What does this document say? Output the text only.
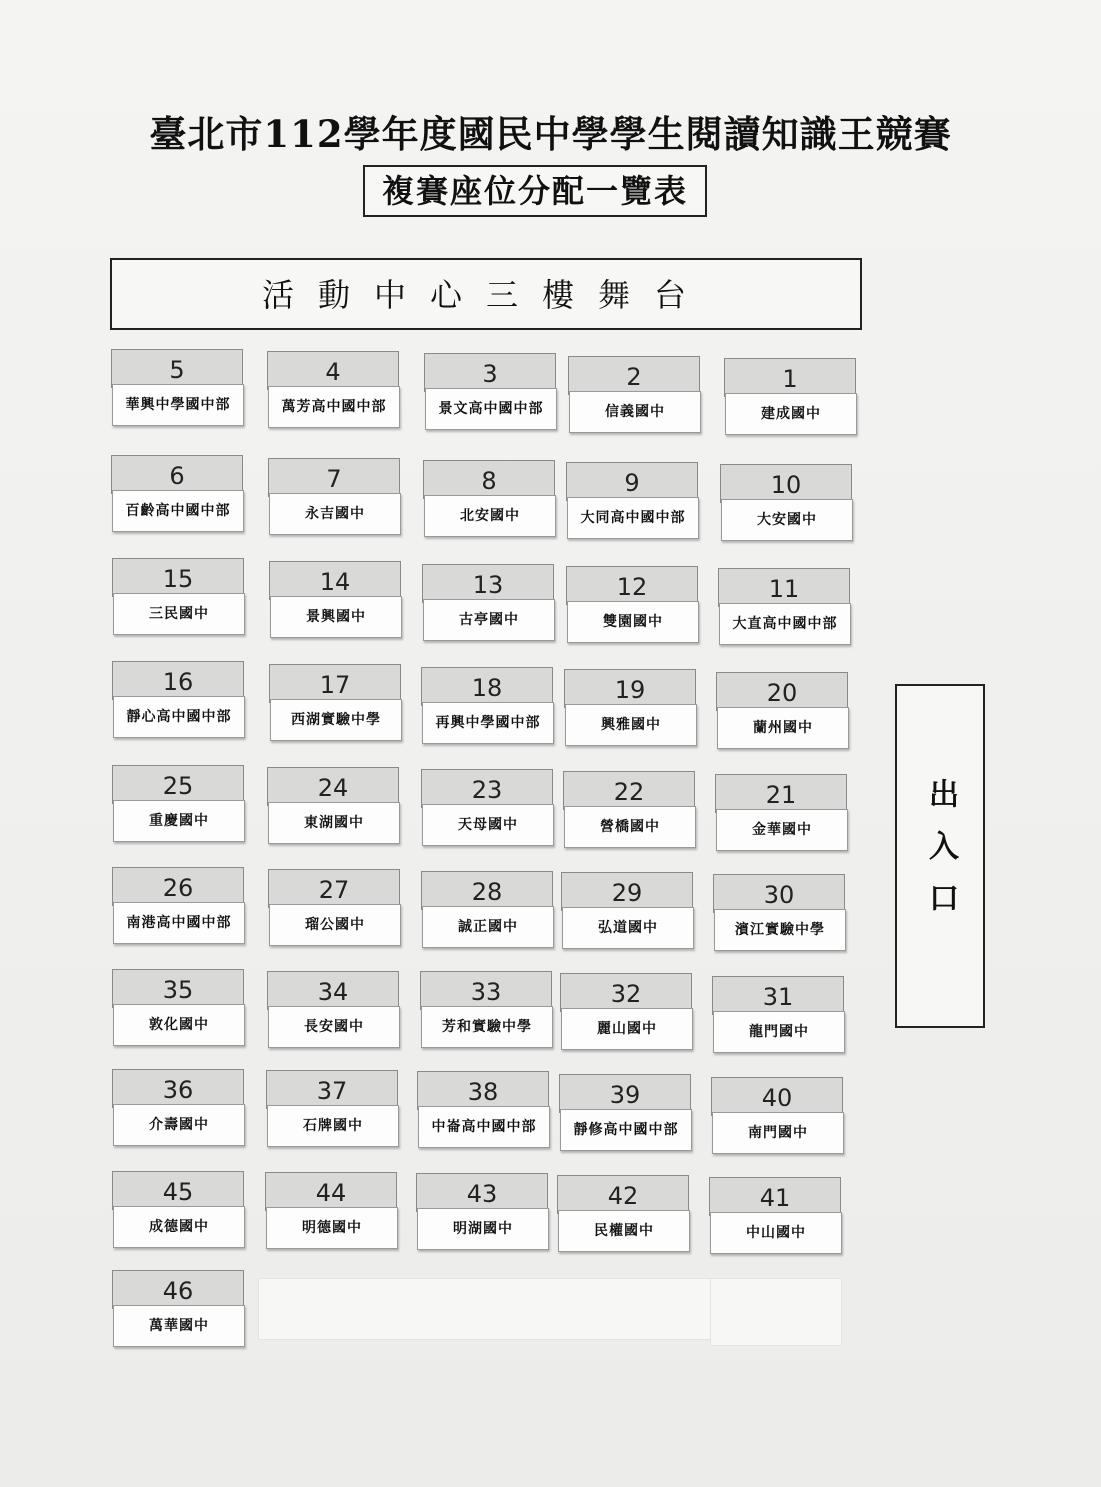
臺北市112學年度國民中學學生閱讀知識王競賽
複賽座位分配一覽表
活動中心三樓舞台
出入口
5
華興中學國中部
4
萬芳高中國中部
3
景文高中國中部
2
信義國中
1
建成國中
6
百齡高中國中部
7
永吉國中
8
北安國中
9
大同高中國中部
10
大安國中
15
三民國中
14
景興國中
13
古亭國中
12
雙園國中
11
大直高中國中部
16
靜心高中國中部
17
西湖實驗中學
18
再興中學國中部
19
興雅國中
20
蘭州國中
25
重慶國中
24
東湖國中
23
天母國中
22
營橋國中
21
金華國中
26
南港高中國中部
27
瑠公國中
28
誠正國中
29
弘道國中
30
濱江實驗中學
35
敦化國中
34
長安國中
33
芳和實驗中學
32
麗山國中
31
龍門國中
36
介壽國中
37
石牌國中
38
中崙高中國中部
39
靜修高中國中部
40
南門國中
45
成德國中
44
明德國中
43
明湖國中
42
民權國中
41
中山國中
46
萬華國中
